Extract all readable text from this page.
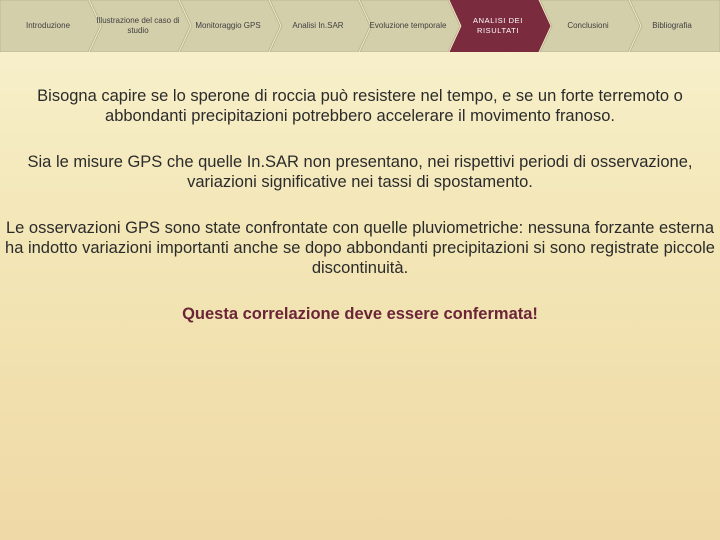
Introduzione
Illustrazione del caso di studio
Monitoraggio GPS	Analisi In.SAR	Evoluzione temporale
ANALISI DEI RISULTATI
Conclusioni	Bibliografia

Bisogna capire se lo sperone di roccia può resistere nel tempo, e se un forte terremoto o abbondanti precipitazioni potrebbero accelerare il movimento franoso.

Sia le misure GPS che quelle In.SAR non presentano, nei rispettivi periodi di osservazione, variazioni significative nei tassi di spostamento.

Le osservazioni GPS sono state confrontate con quelle pluviometriche: nessuna forzante esterna ha indotto variazioni importanti anche se dopo abbondanti precipitazioni si sono registrate piccole discontinuità.

Questa correlazione deve essere confermata!
